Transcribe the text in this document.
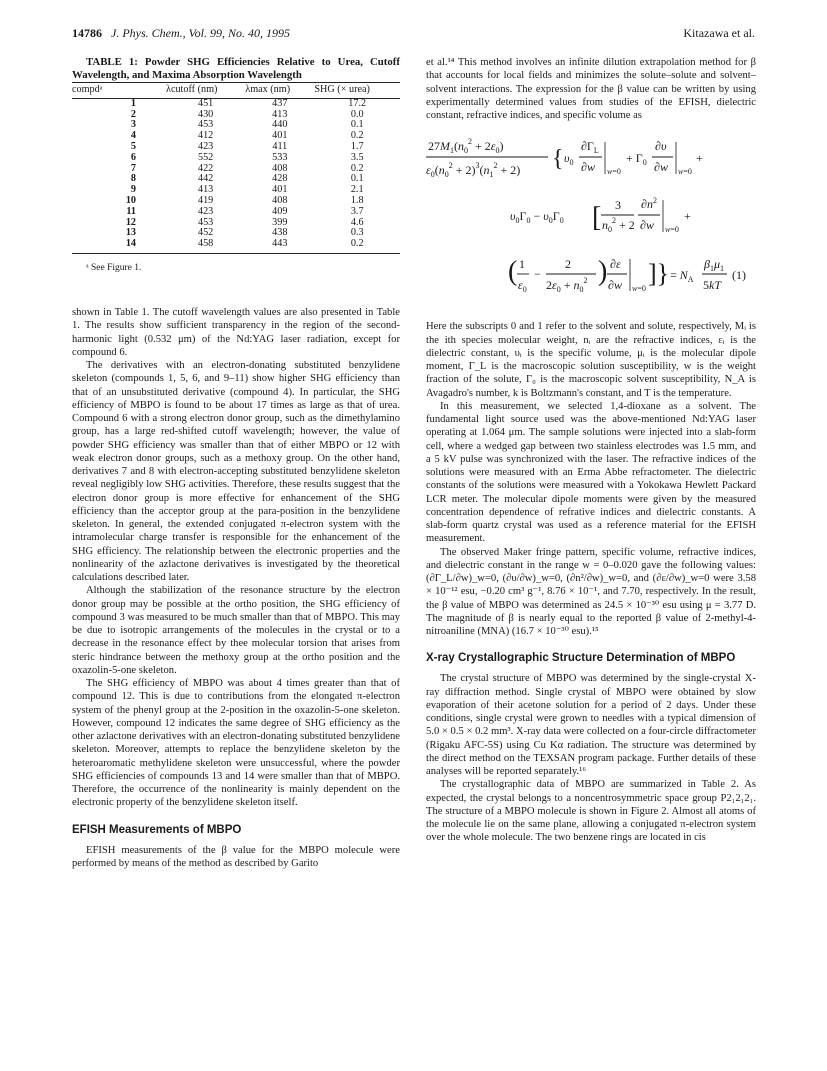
14786 J. Phys. Chem., Vol. 99, No. 40, 1995	Kitazawa et al.

TABLE 1: Powder SHG Efficiencies Relative to Urea, Cutoff Wavelength, and Maxima Absorption Wavelength

compdᵃ	λcutoff (nm)	λmax (nm)	SHG (× urea)
1	451	437	17.2
2	430	413	0.0
3	453	440	0.1
4	412	401	0.2
5	423	411	1.7
6	552	533	3.5
7	422	408	0.2
8	442	428	0.1
9	413	401	2.1
10	419	408	1.8
11	423	409	3.7
12	453	399	4.6
13	452	438	0.3
14	458	443	0.2
ᵃ See Figure 1.

shown in Table 1. The cutoff wavelength values are also presented in Table 1. The results show sufficient transparency in the region of the second-harmonic light (0.532 μm) of the Nd:YAG laser radiation, except for compound 6.

The derivatives with an electron-donating substituted benzylidene skeleton (compounds 1, 5, 6, and 9–11) show higher SHG efficiency than that of an unsubstituted derivative (compound 4). In particular, the SHG efficiency of MBPO is found to be about 17 times as large as that of urea. Compound 6 with a strong electron donor group, such as the dimethylamino group, has a large red-shifted cutoff wavelength; however, the value of powder SHG efficiency was smaller than that of either MBPO or 12 with weak electron donor groups, such as a methoxy group. On the other hand, derivatives 7 and 8 with electron-accepting substituted benzylidene skeleton reveal negligibly low SHG activities. Therefore, these results suggest that the electron donor group is more effective for enhancement of the SHG efficiency than the acceptor group at the para-position in the benzylidene skeleton. In general, the extended conjugated π-electron system with the intramolecular charge transfer is responsible for the enhancement of the SHG efficiency. The relationship between the electronic properties and the nonlinearity of the azlactone derivatives is investigated by the theoretical calculations described later.

Although the stabilization of the resonance structure by the electron donor group may be possible at the ortho position, the SHG efficiency of compound 3 was measured to be much smaller than that of MBPO. This may be due to isotropic arrangements of the molecules in the crystal or to a decrease in the resonance effect by thee molecular torsion that arises from steric hindrance between the methoxy group at the ortho position and the oxazolin-5-one skeleton.

The SHG efficiency of MBPO was about 4 times greater than that of compound 12. This is due to contributions from the elongated π-electron system of the phenyl group at the 2-position in the oxazolin-5-one skeleton. However, compound 12 indicates the same degree of SHG efficiency as the other azlactone derivatives with an electron-donating substituted benzylidene skeleton. Moreover, attempts to replace the benzylidene skeleton by the heteroaromatic methylidene skeleton were unsuccessful, where the powder SHG efficiencies of compounds 13 and 14 were smaller than that of MBPO. Therefore, the occurrence of the nonlinearity is mainly dependent on the electronic property of the benzylidene skeleton itself.

EFISH Measurements of MBPO

EFISH measurements of the β value for the MBPO molecule were performed by means of the method as described by Garito

et al.¹⁴ This method involves an infinite dilution extrapolation method for β that accounts for local fields and minimizes the solute–solute and solvent–solvent interactions. The expression for the β value can be written by using experimentally determined values from studies of the EFISH, dielectric constant, refractive indices, and specific volume as

$27M_1(n_0^2 + 2\varepsilon_0)$
$\varepsilon_0(n_0^2 + 2)^3(n_1^2 + 2)$ { $\upsilon_0$
$\partial\Gamma_L$
∂w w=0
+ $\Gamma_0$
∂υ
∂w w=0
+
$\upsilon_0\Gamma_0 - \upsilon_0\Gamma_0$ [ 3
$n_0^2 + 2$
$\partial n^2$
∂w w=0
+
( 1
$\varepsilon_0$
−
2
$2\varepsilon_0 + n_0^2$ ) ∂ε
∂w w=0
]} = $N_A$
$\beta_1\mu_1$
5kT
(1)

Here the subscripts 0 and 1 refer to the solvent and solute, respectively, Mᵢ is the ith species molecular weight, nᵢ are the refractive indices, εᵢ is the dielectric constant, υᵢ is the specific volume, μᵢ is the molecular dipole moment, Γ_L is the macroscopic solution susceptibility, w is the weight fraction of the solute, Γ₀ is the macroscopic solvent susceptibility, N_A is Avagadro's number, k is Boltzmann's constant, and T is the temperature.

In this measurement, we selected 1,4-dioxane as a solvent. The fundamental light source used was the above-mentioned Nd:YAG laser operating at 1.064 μm. The sample solutions were injected into a slab-form cell, where a wedged gap between two stainless electrodes was 1.5 mm, and a 5 kV pulse was synchronized with the laser. The refractive indices of the solutions were measured with an Erma Abbe refractometer. The dielectric constants of the solutions were measured with a Yokokawa Hewlett Packard LCR meter. The molecular dipole moments were given by the measured concentration dependence of refrative indices and dielectric constants. A slab-form quartz crystal was used as a reference material for the EFISH measurement.

The observed Maker fringe pattern, specific volume, refractive indices, and dielectric constant in the range w = 0–0.020 gave the following values: (∂Γ_L/∂w)_w=0, (∂υ/∂w)_w=0, (∂n²/∂w)_w=0, and (∂ε/∂w)_w=0 were 3.58 × 10⁻¹² esu, −0.20 cm³ g⁻¹, 8.76 × 10⁻¹, and 7.70, respectively. In the result, the β value of MBPO was determined as 24.5 × 10⁻³⁰ esu using μ = 3.77 D. The magnitude of β is nearly equal to the reported β value of 2-methyl-4-nitroaniline (MNA) (16.7 × 10⁻³⁰ esu).¹⁵

X-ray Crystallographic Structure Determination of MBPO

The crystal structure of MBPO was determined by the single-crystal X-ray diffraction method. Single crystal of MBPO were obtained by slow evaporation of their acetone solution for a period of 2 days. Under these conditions, single crystal were grown to needles with a typical dimension of 5.0 × 0.5 × 0.2 mm³. X-ray data were collected on a four-circle diffractometer (Rigaku AFC-5S) using Cu Kα radiation. The structure was determined by the direct method on the TEXSAN program package. Further details of these analyses will be reported separately.¹⁶

The crystallographic data of MBPO are summarized in Table 2. As expected, the crystal belongs to a noncentrosymmetric space group P2₁2₁2₁. The structure of a MBPO molecule is shown in Figure 2. Almost all atoms of the molecule lie on the same plane, allowing a conjugated π-electron system over the whole molecule. The two benzene rings are located in cis
